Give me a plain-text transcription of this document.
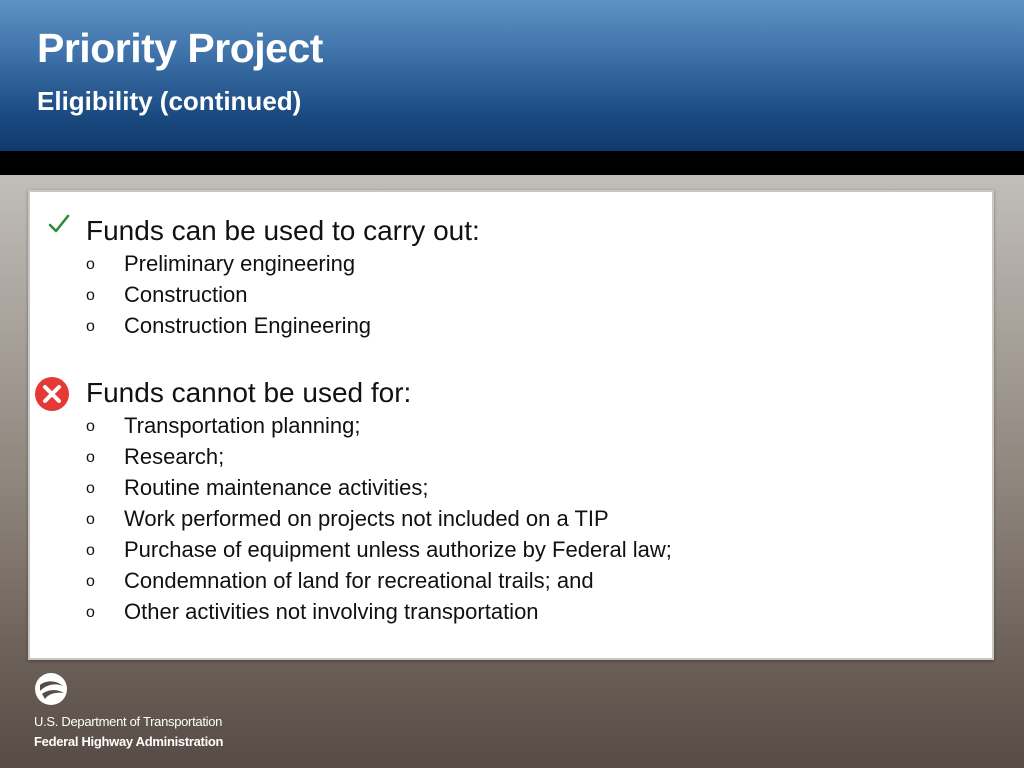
Priority Project
Eligibility (continued)

Funds can be used to carry out:

o Preliminary engineering
o Construction
o Construction Engineering

Funds cannot be used for:

o Transportation planning;
o Research;
o Routine maintenance activities;
o Work performed on projects not included on a TIP
o Purchase of equipment unless authorize by Federal law;
o Condemnation of land for recreational trails; and
o Other activities not involving transportation
U.S. Department of Transportation
Federal Highway Administration
